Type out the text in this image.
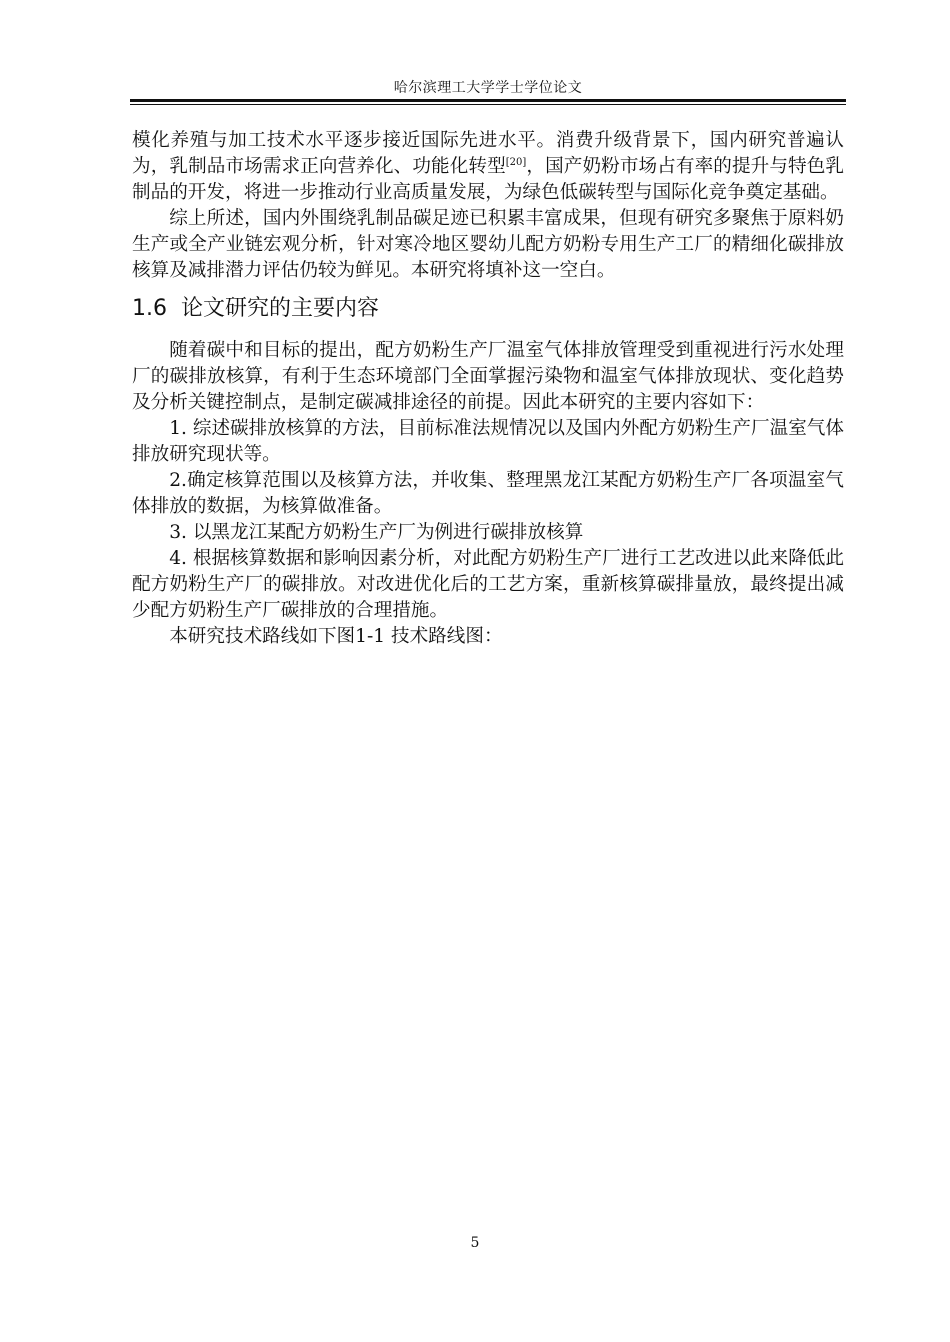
哈尔滨理工大学学士学位论文

模化养殖与加工技术水平逐步接近国际先进水平。消费升级背景下，国内研究普遍认为，乳制品市场需求正向营养化、功能化转型[20]，国产奶粉市场占有率的提升与特色乳制品的开发，将进一步推动行业高质量发展，为绿色低碳转型与国际化竞争奠定基础。

综上所述，国内外围绕乳制品碳足迹已积累丰富成果，但现有研究多聚焦于原料奶生产或全产业链宏观分析，针对寒冷地区婴幼儿配方奶粉专用生产工厂的精细化碳排放核算及减排潜力评估仍较为鲜见。本研究将填补这一空白。

1.6 论文研究的主要内容

随着碳中和目标的提出，配方奶粉生产厂温室气体排放管理受到重视进行污水处理厂的碳排放核算，有利于生态环境部门全面掌握污染物和温室气体排放现状、变化趋势及分析关键控制点，是制定碳减排途径的前提。因此本研究的主要内容如下：

1. 综述碳排放核算的方法，目前标准法规情况以及国内外配方奶粉生产厂温室气体排放研究现状等。

2.确定核算范围以及核算方法，并收集、整理黑龙江某配方奶粉生产厂各项温室气体排放的数据，为核算做准备。

3. 以黑龙江某配方奶粉生产厂为例进行碳排放核算

4. 根据核算数据和影响因素分析，对此配方奶粉生产厂进行工艺改进以此来降低此配方奶粉生产厂的碳排放。对改进优化后的工艺方案，重新核算碳排量放，最终提出减少配方奶粉生产厂碳排放的合理措施。

本研究技术路线如下图1-1 技术路线图：

5
